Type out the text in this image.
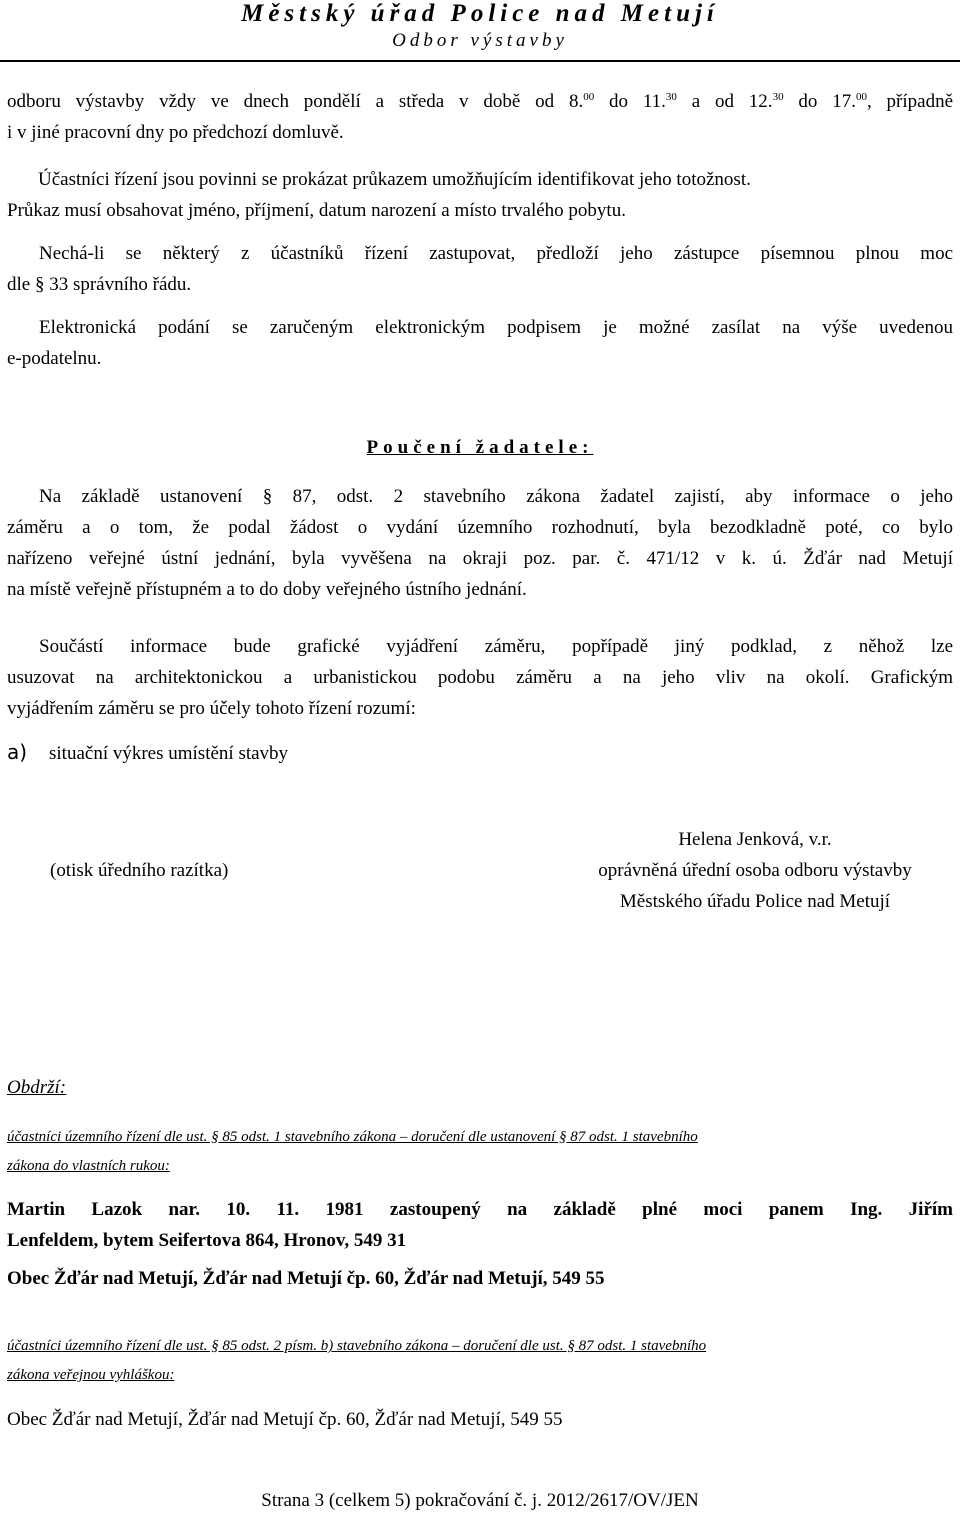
Městský úřad Police nad Metují
Odbor výstavby
odboru výstavby vždy ve dnech pondělí a středa v době od 8.00 do 11.30 a od 12.30 do 17.00, případně
i v jiné pracovní dny po předchozí domluvě.
Účastníci řízení jsou povinni se prokázat průkazem umožňujícím identifikovat jeho totožnost.
Průkaz musí obsahovat jméno, příjmení, datum narození a místo trvalého pobytu.
Nechá-li se některý z účastníků řízení zastupovat, předloží jeho zástupce písemnou plnou moc
dle § 33 správního řádu.
Elektronická podání se zaručeným elektronickým podpisem je možné zasílat na výše uvedenou
e-podatelnu.
Poučení žadatele:
Na základě ustanovení § 87, odst. 2 stavebního zákona žadatel zajistí, aby informace o jeho
záměru a o tom, že podal žádost o vydání územního rozhodnutí, byla bezodkladně poté, co bylo
nařízeno veřejné ústní jednání, byla vyvěšena na okraji poz. par. č. 471/12 v k. ú. Žďár nad Metují
na místě veřejně přístupném a to do doby veřejného ústního jednání.
Součástí informace bude grafické vyjádření záměru, popřípadě jiný podklad, z něhož lze
usuzovat na architektonickou a urbanistickou podobu záměru a na jeho vliv na okolí. Grafickým
vyjádřením záměru se pro účely tohoto řízení rozumí:
a) situační výkres umístění stavby
(otisk úředního razítka)
Helena Jenková, v.r.
oprávněná úřední osoba odboru výstavby
Městského úřadu Police nad Metují
Obdrží:
účastníci územního řízení dle ust. § 85 odst. 1 stavebního zákona – doručení dle ustanovení § 87 odst. 1 stavebního
zákona do vlastních rukou:
Martin Lazok nar. 10. 11. 1981 zastoupený na základě plné moci panem Ing. Jiřím
Lenfeldem, bytem Seifertova 864, Hronov, 549 31
Obec Žďár nad Metují, Žďár nad Metují čp. 60, Žďár nad Metují, 549 55
účastníci územního řízení dle ust. § 85 odst. 2 písm. b) stavebního zákona – doručení dle ust. § 87 odst. 1 stavebního
zákona veřejnou vyhláškou:
Obec Žďár nad Metují, Žďár nad Metují čp. 60, Žďár nad Metují, 549 55
Strana 3 (celkem 5) pokračování č. j. 2012/2617/OV/JEN
